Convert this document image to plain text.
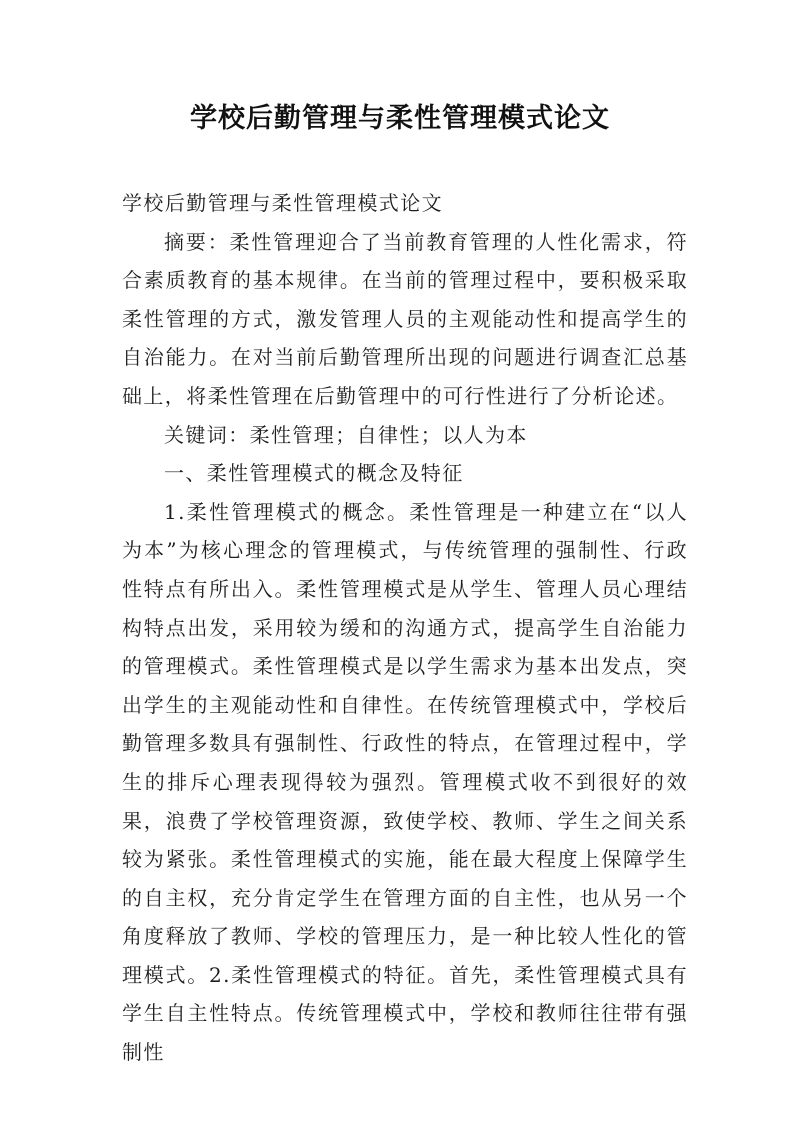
学校后勤管理与柔性管理模式论文

学校后勤管理与柔性管理模式论文

摘要：柔性管理迎合了当前教育管理的人性化需求，符合素质教育的基本规律。在当前的管理过程中，要积极采取柔性管理的方式，激发管理人员的主观能动性和提高学生的自治能力。在对当前后勤管理所出现的问题进行调查汇总基础上，将柔性管理在后勤管理中的可行性进行了分析论述。

关键词：柔性管理；自律性；以人为本

一、柔性管理模式的概念及特征

1.柔性管理模式的概念。柔性管理是一种建立在“以人为本”为核心理念的管理模式，与传统管理的强制性、行政性特点有所出入。柔性管理模式是从学生、管理人员心理结构特点出发，采用较为缓和的沟通方式，提高学生自治能力的管理模式。柔性管理模式是以学生需求为基本出发点，突出学生的主观能动性和自律性。在传统管理模式中，学校后勤管理多数具有强制性、行政性的特点，在管理过程中，学生的排斥心理表现得较为强烈。管理模式收不到很好的效果，浪费了学校管理资源，致使学校、教师、学生之间关系较为紧张。柔性管理模式的实施，能在最大程度上保障学生的自主权，充分肯定学生在管理方面的自主性，也从另一个角度释放了教师、学校的管理压力，是一种比较人性化的管理模式。2.柔性管理模式的特征。首先，柔性管理模式具有学生自主性特点。传统管理模式中，学校和教师往往带有强制性
